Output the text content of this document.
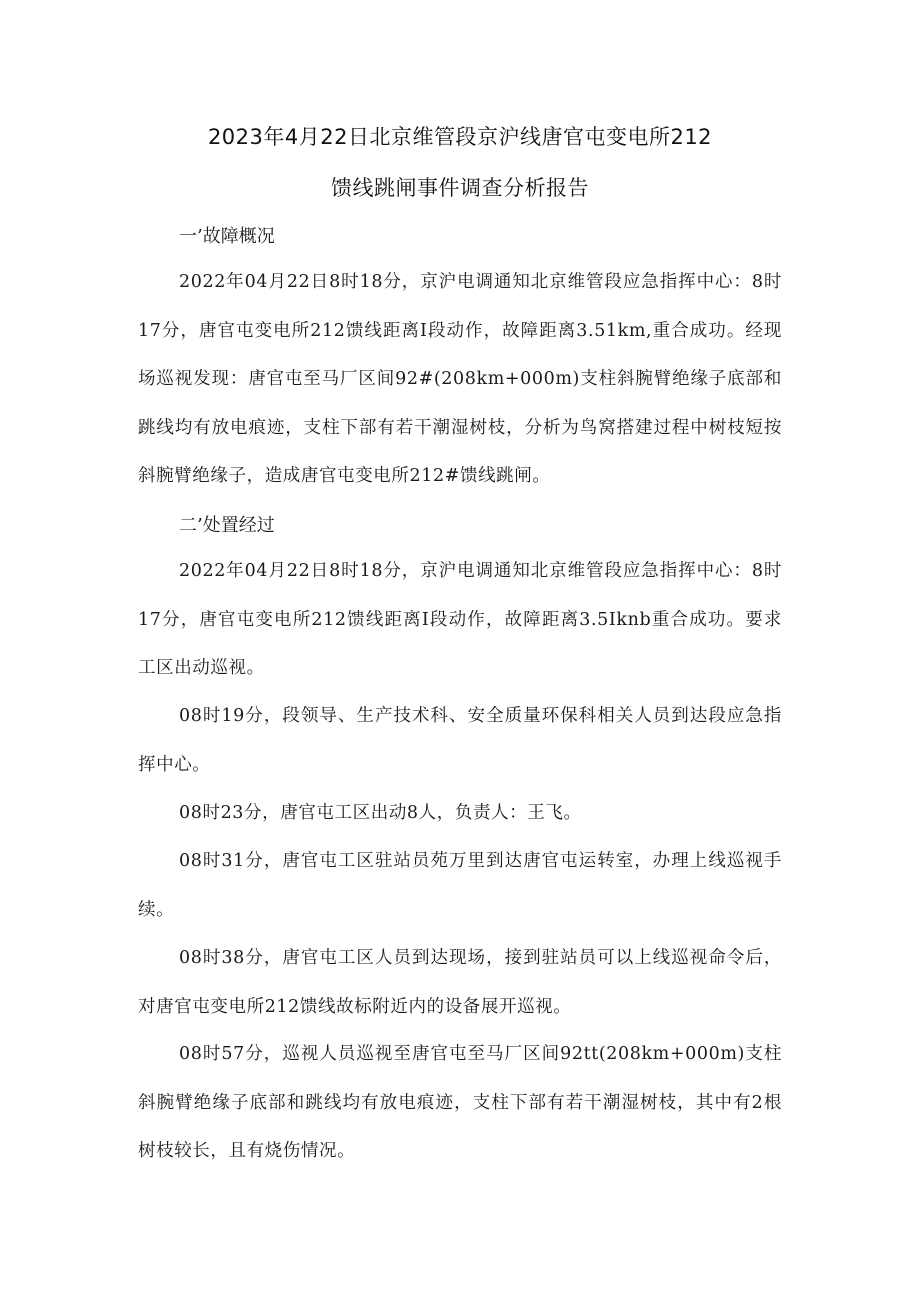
2023年4月22日北京维管段京沪线唐官屯变电所212
馈线跳闸事件调查分析报告
一’故障概况
2022年04月22日8时18分，京沪电调通知北京维管段应急指挥中心：8时17分，唐官屯变电所212馈线距离I段动作，故障距离3.51km,重合成功。经现场巡视发现：唐官屯至马厂区间92#(208km+000m)支柱斜腕臂绝缘子底部和跳线均有放电痕迹，支柱下部有若干潮湿树枝，分析为鸟窝搭建过程中树枝短按斜腕臂绝缘子，造成唐官屯变电所212#馈线跳闸。
二’处置经过
2022年04月22日8时18分，京沪电调通知北京维管段应急指挥中心：8时17分，唐官屯变电所212馈线距离I段动作，故障距离3.5Iknb重合成功。要求工区出动巡视。
08时19分，段领导、生产技术科、安全质量环保科相关人员到达段应急指挥中心。
08时23分，唐官屯工区出动8人，负责人：王飞。
08时31分，唐官屯工区驻站员苑万里到达唐官屯运转室，办理上线巡视手续。
08时38分，唐官屯工区人员到达现场，接到驻站员可以上线巡视命令后，对唐官屯变电所212馈线故标附近内的设备展开巡视。
08时57分，巡视人员巡视至唐官屯至马厂区间92tt(208km+000m)支柱斜腕臂绝缘子底部和跳线均有放电痕迹，支柱下部有若干潮湿树枝，其中有2根树枝较长，且有烧伤情况。
